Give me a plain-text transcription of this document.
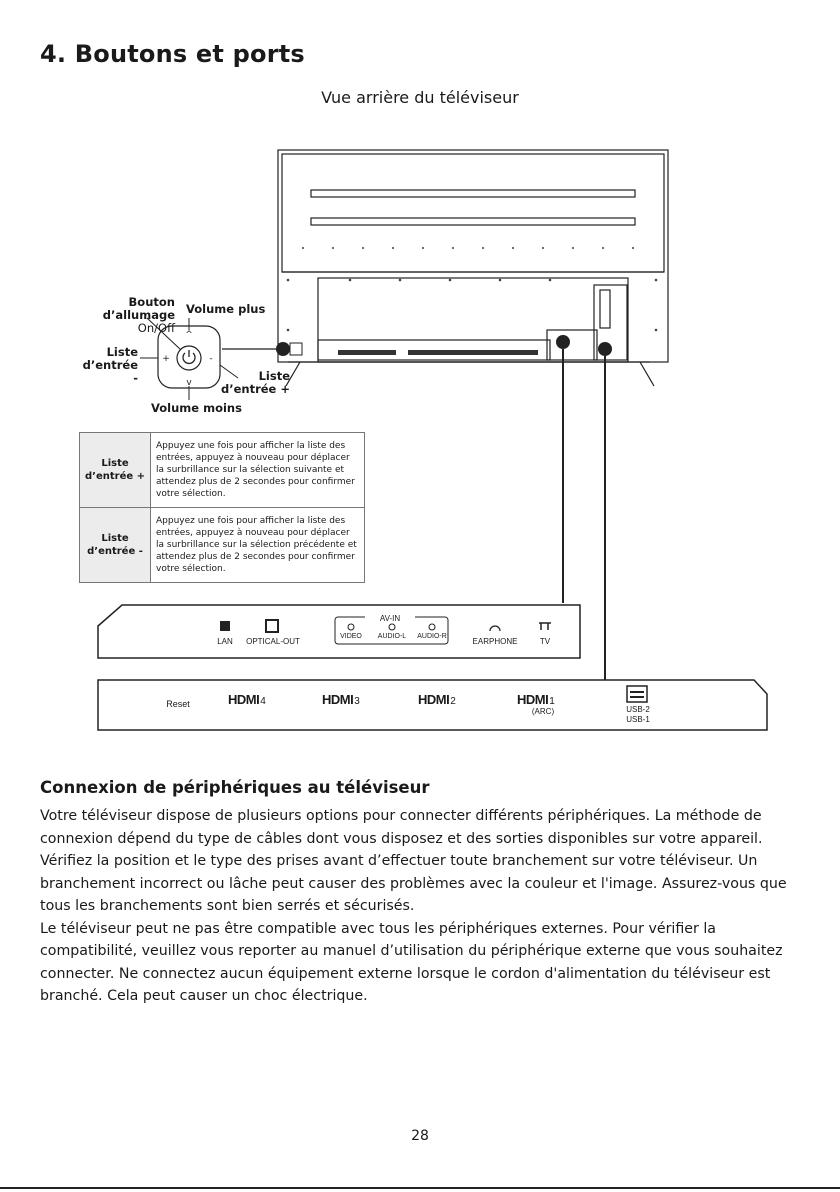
4. Boutons et ports
Vue arrière du téléviseur
^
v
+	-
Bouton d’allumage
On/Off
Volume plus
Volume moins
Liste
d’entrée -	Liste
d’entrée +
Liste d’entrée +	Appuyez une fois pour afficher la liste des entrées, appuyez à nouveau pour déplacer la surbrillance sur la sélection suivante et attendez plus de 2 secondes pour confirmer votre sélection.
Liste d’entrée -	Appuyez une fois pour afficher la liste des entrées, appuyez à nouveau pour déplacer la surbrillance sur la sélection précédente et attendez plus de 2 secondes pour confirmer votre sélection.
AV-IN
LAN	OPTICAL-OUT
VIDEO	AUDIO-L	AUDIO-R
EARPHONE	TV
Reset	HDMI4	HDMI3	HDMI2	HDMI1
(ARC)	USB-2
USB-1
Connexion de périphériques au téléviseur

Votre téléviseur dispose de plusieurs options pour connecter différents périphériques. La méthode de connexion dépend du type de câbles dont vous disposez et des sorties disponibles sur votre appareil. Vérifiez la position et le type des prises avant d’effectuer toute branchement sur votre téléviseur. Un branchement incorrect ou lâche peut causer des problèmes avec la couleur et l'image. Assurez-vous que tous les branchements sont bien serrés et sécurisés.

Le téléviseur peut ne pas être compatible avec tous les périphériques externes. Pour vérifier la compatibilité, veuillez vous reporter au manuel d’utilisation du périphérique externe que vous souhaitez connecter. Ne connectez aucun équipement externe lorsque le cordon d'alimentation du téléviseur est branché. Cela peut causer un choc électrique.

28
